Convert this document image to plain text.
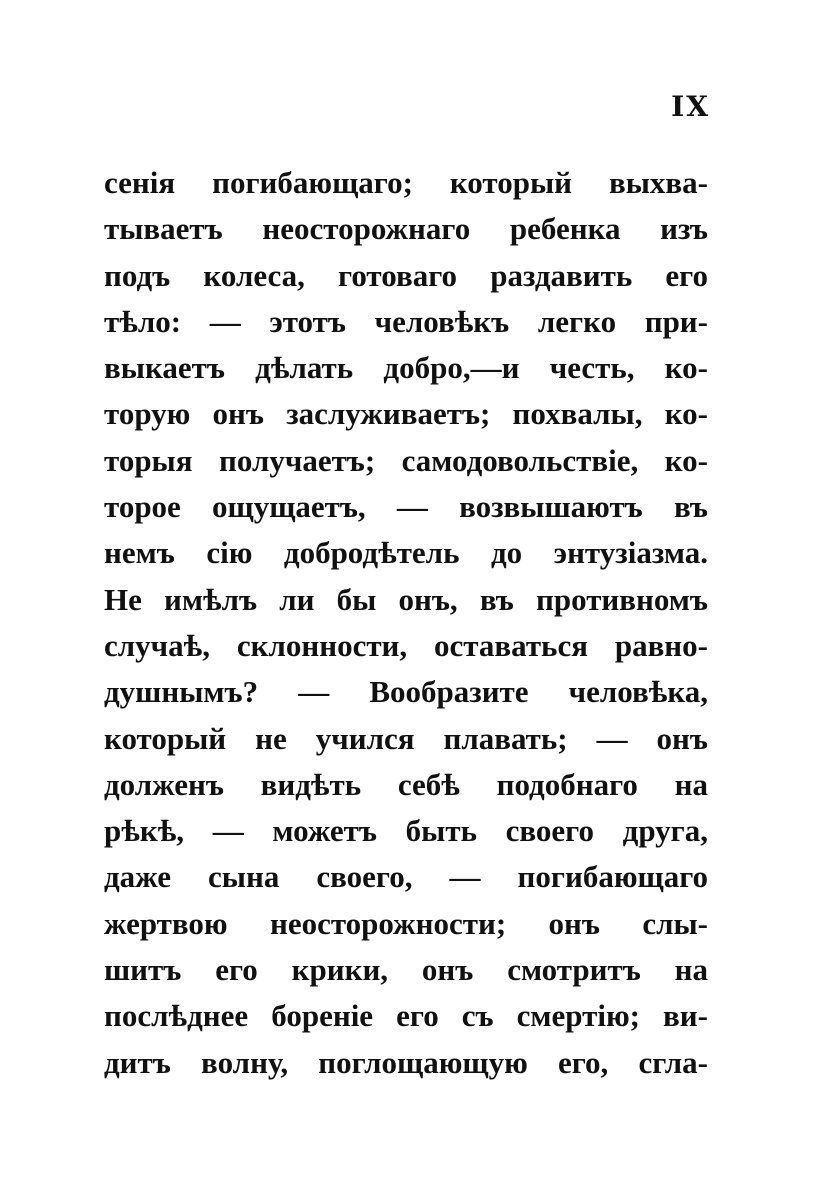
IX
сенія погибающаго; который выхва-
тываетъ неосторожнаго ребенка изъ
подъ колеса, готоваго раздавить его
тѣло: — этотъ человѣкъ легко при-
выкаетъ дѣлать добро,—и честь, ко-
торую онъ заслуживаетъ; похвалы, ко-
торыя получаетъ; самодовольствіе, ко-
торое ощущаетъ, — возвышаютъ въ
немъ сію добродѣтель до энтузіазма.
Не имѣлъ ли бы онъ, въ противномъ
случаѣ, склонности, оставаться равно-
душнымъ? — Вообразите человѣка,
который не учился плавать; — онъ
долженъ видѣть себѣ подобнаго на
рѣкѣ, — можетъ быть своего друга,
даже сына своего, — погибающаго
жертвою неосторожности; онъ слы-
шитъ его крики, онъ смотритъ на
послѣднее бореніе его съ смертію; ви-
дитъ волну, поглощающую его, сгла-
